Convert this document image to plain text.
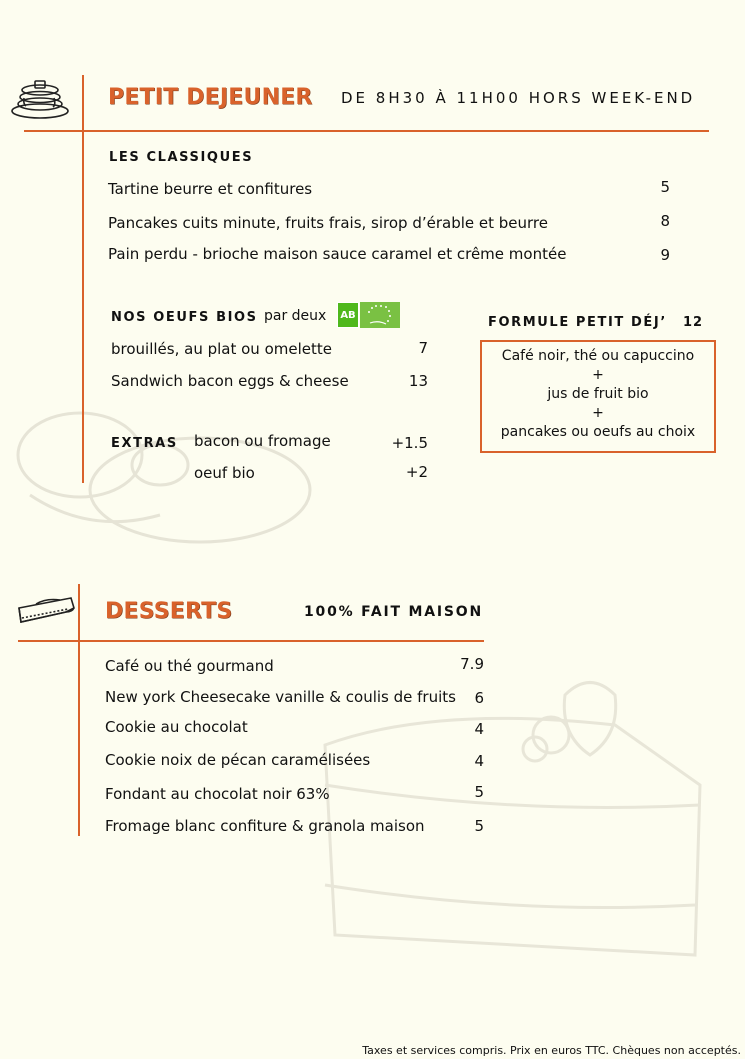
PETIT DEJEUNER DE 8H30 À 11H00 HORS WEEK-END
LES CLASSIQUES
Tartine beurre et confitures	5
Pancakes cuits minute, fruits frais, sirop d’érable et beurre	8
Pain perdu - brioche maison sauce caramel et crême montée	9
NOS OEUFS BIOS par deux	AB
brouillés, au plat ou omelette	7
Sandwich bacon eggs & cheese	13
EXTRAS bacon ou fromage	+1.5
oeuf bio	+2
FORMULE PETIT DÉJ’ 12
Café noir, thé ou capuccino
+
jus de fruit bio
+
pancakes ou oeufs au choix
DESSERTS	100% FAIT MAISON
Café ou thé gourmand	7.9
New york Cheesecake vanille & coulis de fruits 6
Cookie au chocolat	4
Cookie noix de pécan caramélisées	4
Fondant au chocolat noir 63%	5
Fromage blanc confiture & granola maison	5
Taxes et services compris. Prix en euros TTC. Chèques non acceptés.
